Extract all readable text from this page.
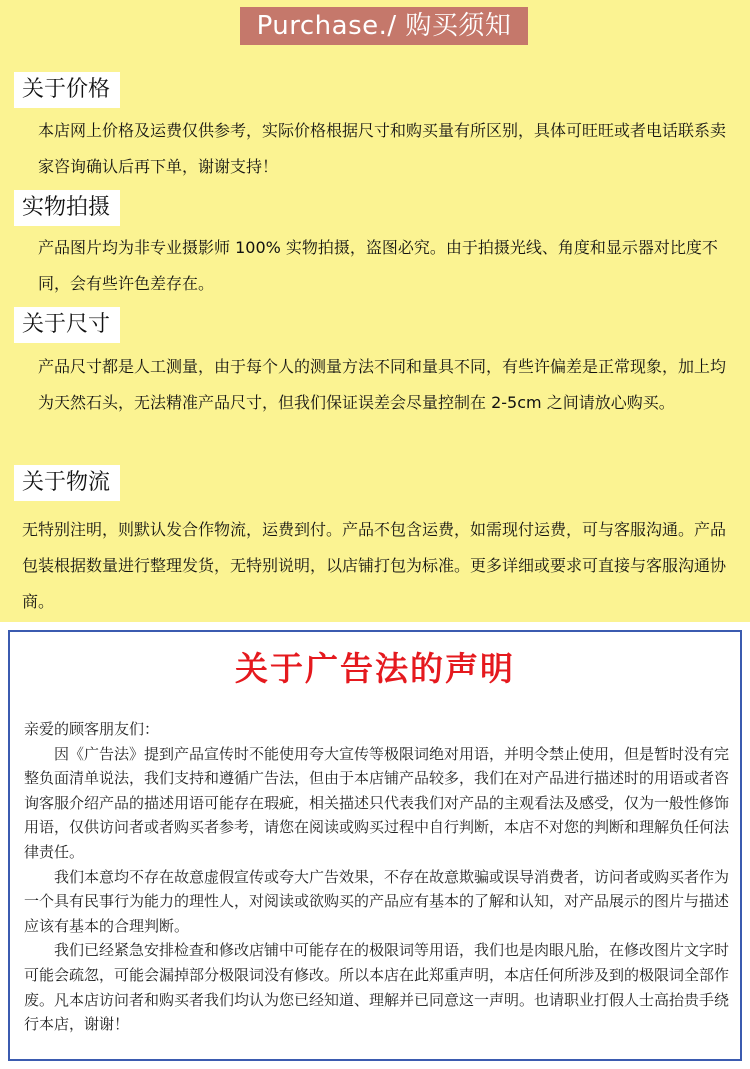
Purchase./ 购买须知
关于价格

本店网上价格及运费仅供参考，实际价格根据尺寸和购买量有所区别，具体可旺旺或者电话联系卖家咨询确认后再下单，谢谢支持！

实物拍摄

产品图片均为非专业摄影师 100% 实物拍摄，盗图必究。由于拍摄光线、角度和显示器对比度不同，会有些许色差存在。

关于尺寸

产品尺寸都是人工测量，由于每个人的测量方法不同和量具不同，有些许偏差是正常现象，加上均为天然石头，无法精准产品尺寸，但我们保证误差会尽量控制在 2-5cm 之间请放心购买。

关于物流

无特别注明，则默认发合作物流，运费到付。产品不包含运费，如需现付运费，可与客服沟通。产品包装根据数量进行整理发货，无特别说明，以店铺打包为标准。更多详细或要求可直接与客服沟通协商。

关于广告法的声明

亲爱的顾客朋友们：

因《广告法》提到产品宣传时不能使用夸大宣传等极限词绝对用语，并明令禁止使用，但是暂时没有完整负面清单说法，我们支持和遵循广告法，但由于本店铺产品较多，我们在对产品进行描述时的用语或者咨询客服介绍产品的描述用语可能存在瑕疵，相关描述只代表我们对产品的主观看法及感受，仅为一般性修饰用语，仅供访问者或者购买者参考，请您在阅读或购买过程中自行判断，本店不对您的判断和理解负任何法律责任。

我们本意均不存在故意虚假宣传或夸大广告效果，不存在故意欺骗或误导消费者，访问者或购买者作为一个具有民事行为能力的理性人，对阅读或欲购买的产品应有基本的了解和认知，对产品展示的图片与描述应该有基本的合理判断。

我们已经紧急安排检查和修改店铺中可能存在的极限词等用语，我们也是肉眼凡胎，在修改图片文字时可能会疏忽，可能会漏掉部分极限词没有修改。所以本店在此郑重声明，本店任何所涉及到的极限词全部作废。凡本店访问者和购买者我们均认为您已经知道、理解并已同意这一声明。也请职业打假人士高抬贵手绕行本店，谢谢！
